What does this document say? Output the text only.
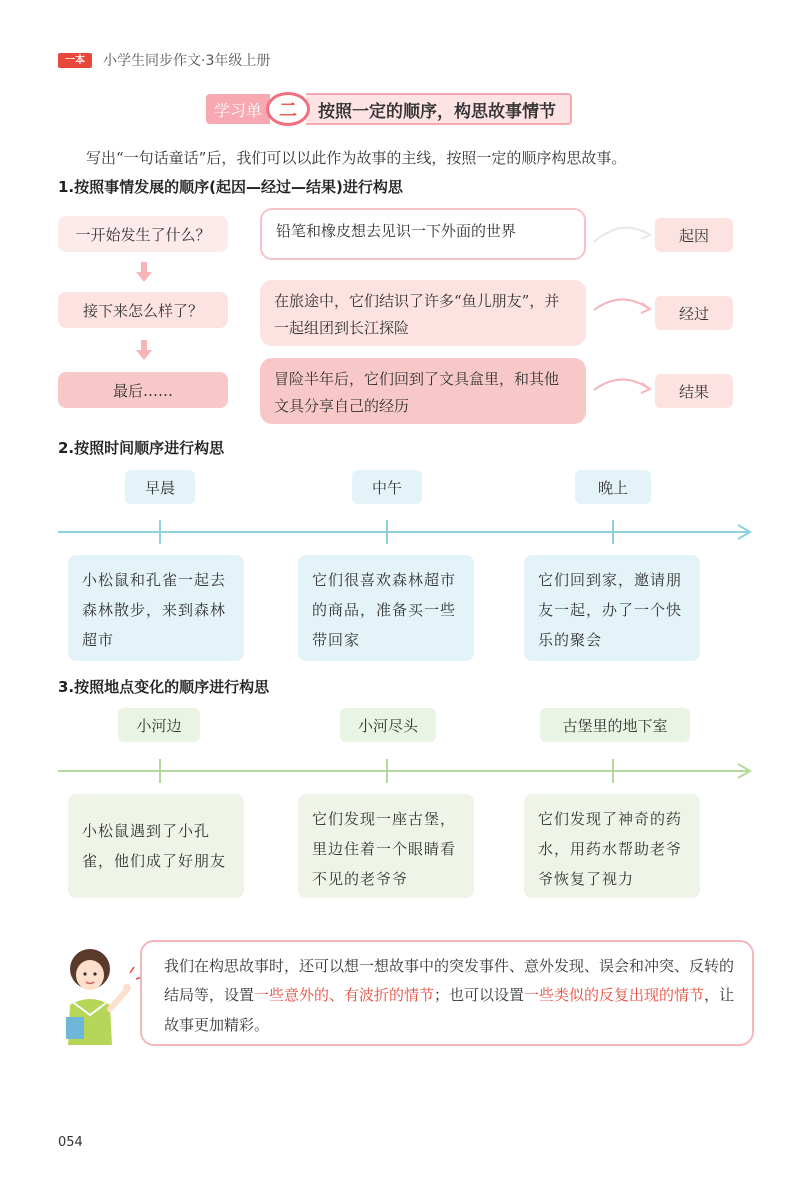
一本	小学生同步作文·3年级上册
学习单 二	按照一定的顺序，构思故事情节
写出“一句话童话”后，我们可以以此作为故事的主线，按照一定的顺序构思故事。
1.按照事情发展的顺序(起因—经过—结果)进行构思
一开始发生了什么？	铅笔和橡皮想去见识一下外面的世界	起因
接下来怎么样了？
在旅途中，它们结识了许多“鱼儿朋友”，并一起组团到长江探险
经过
最后……
冒险半年后，它们回到了文具盒里，和其他文具分享自己的经历
结果
2.按照时间顺序进行构思
早晨	中午	晚上
小松鼠和孔雀一起去森林散步，来到森林超市
它们很喜欢森林超市的商品，准备买一些带回家
它们回到家，邀请朋友一起，办了一个快乐的聚会
3.按照地点变化的顺序进行构思
小河边	小河尽头	古堡里的地下室
小松鼠遇到了小孔雀，他们成了好朋友
它们发现一座古堡，里边住着一个眼睛看不见的老爷爷
它们发现了神奇的药水，用药水帮助老爷爷恢复了视力
我们在构思故事时，还可以想一想故事中的突发事件、意外发现、误会和冲突、反转的结局等，设置一些意外的、有波折的情节；也可以设置一些类似的反复出现的情节，让故事更加精彩。
054
